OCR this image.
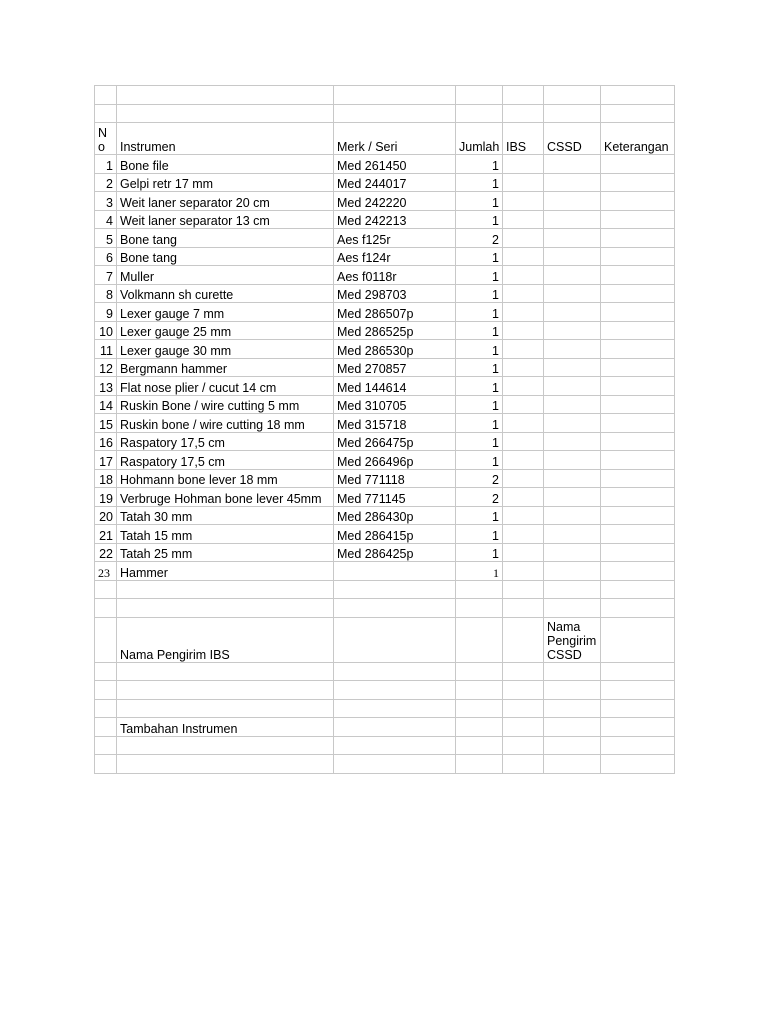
N
o	Instrumen	Merk / Seri	Jumlah	IBS	CSSD	Keterangan
1	Bone file	Med 261450	1			
2	Gelpi retr 17 mm	Med 244017	1			
3	Weit laner separator 20 cm	Med 242220	1			
4	Weit laner separator 13 cm	Med 242213	1			
5	Bone tang	Aes f125r	2			
6	Bone tang	Aes f124r	1			
7	Muller	Aes f0118r	1			
8	Volkmann sh curette	Med 298703	1			
9	Lexer gauge 7 mm	Med 286507p	1			
10	Lexer gauge 25 mm	Med 286525p	1			
11	Lexer gauge 30 mm	Med 286530p	1			
12	Bergmann hammer	Med 270857	1			
13	Flat nose plier / cucut 14 cm	Med 144614	1			
14	Ruskin Bone / wire cutting 5 mm	Med 310705	1			
15	Ruskin bone / wire cutting 18 mm	Med 315718	1			
16	Raspatory 17,5 cm	Med 266475p	1			
17	Raspatory 17,5 cm	Med 266496p	1			
18	Hohmann bone lever 18 mm	Med 771118	2			
19	Verbruge Hohman bone lever 45mm	Med 771145	2			
20	Tatah 30 mm	Med 286430p	1			
21	Tatah 15 mm	Med 286415p	1			
22	Tatah 25 mm	Med 286425p	1			
23	Hammer		1			

	Nama Pengirim IBS				Nama Pengirim CSSD	

	Tambahan Instrumen					
